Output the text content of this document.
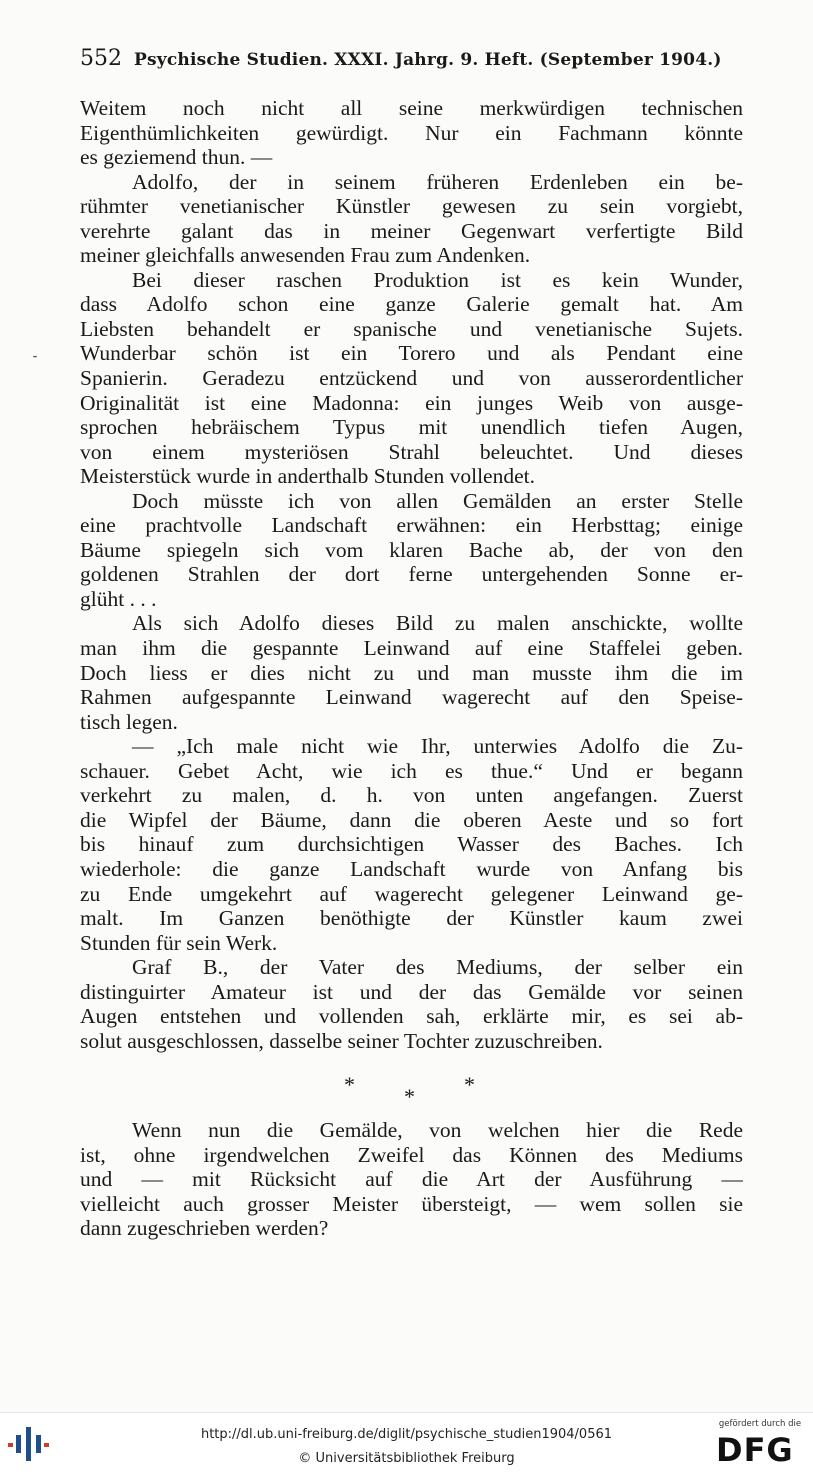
552 Psychische Studien. XXXI. Jahrg. 9. Heft. (September 1904.)
⁃
Weitem noch nicht all seine merkwürdigen technischen
Eigenthümlichkeiten gewürdigt. Nur ein Fachmann könnte
es geziemend thun. —
Adolfo, der in seinem früheren Erdenleben ein be-
rühmter venetianischer Künstler gewesen zu sein vorgiebt,
verehrte galant das in meiner Gegenwart verfertigte Bild
meiner gleichfalls anwesenden Frau zum Andenken.
Bei dieser raschen Produktion ist es kein Wunder,
dass Adolfo schon eine ganze Galerie gemalt hat. Am
Liebsten behandelt er spanische und venetianische Sujets.
Wunderbar schön ist ein Torero und als Pendant eine
Spanierin. Geradezu entzückend und von ausserordentlicher
Originalität ist eine Madonna: ein junges Weib von ausge-
sprochen hebräischem Typus mit unendlich tiefen Augen,
von einem mysteriösen Strahl beleuchtet. Und dieses
Meisterstück wurde in anderthalb Stunden vollendet.
Doch müsste ich von allen Gemälden an erster Stelle
eine prachtvolle Landschaft erwähnen: ein Herbsttag; einige
Bäume spiegeln sich vom klaren Bache ab, der von den
goldenen Strahlen der dort ferne untergehenden Sonne er-
glüht . . .
Als sich Adolfo dieses Bild zu malen anschickte, wollte
man ihm die gespannte Leinwand auf eine Staffelei geben.
Doch liess er dies nicht zu und man musste ihm die im
Rahmen aufgespannte Leinwand wagerecht auf den Speise-
tisch legen.
— „Ich male nicht wie Ihr, unterwies Adolfo die Zu-
schauer. Gebet Acht, wie ich es thue.“ Und er begann
verkehrt zu malen, d. h. von unten angefangen. Zuerst
die Wipfel der Bäume, dann die oberen Aeste und so fort
bis hinauf zum durchsichtigen Wasser des Baches. Ich
wiederhole: die ganze Landschaft wurde von Anfang bis
zu Ende umgekehrt auf wagerecht gelegener Leinwand ge-
malt. Im Ganzen benöthigte der Künstler kaum zwei
Stunden für sein Werk.
Graf B., der Vater des Mediums, der selber ein
distinguirter Amateur ist und der das Gemälde vor seinen
Augen entstehen und vollenden sah, erklärte mir, es sei ab-
solut ausgeschlossen, dasselbe seiner Tochter zuzuschreiben.
* * *
Wenn nun die Gemälde, von welchen hier die Rede
ist, ohne irgendwelchen Zweifel das Können des Mediums
und — mit Rücksicht auf die Art der Ausführung —
vielleicht auch grosser Meister übersteigt, — wem sollen sie
dann zugeschrieben werden?
http://dl.ub.uni-freiburg.de/diglit/psychische_studien1904/0561
© Universitätsbibliothek Freiburg
gefördert durch die
DFG
